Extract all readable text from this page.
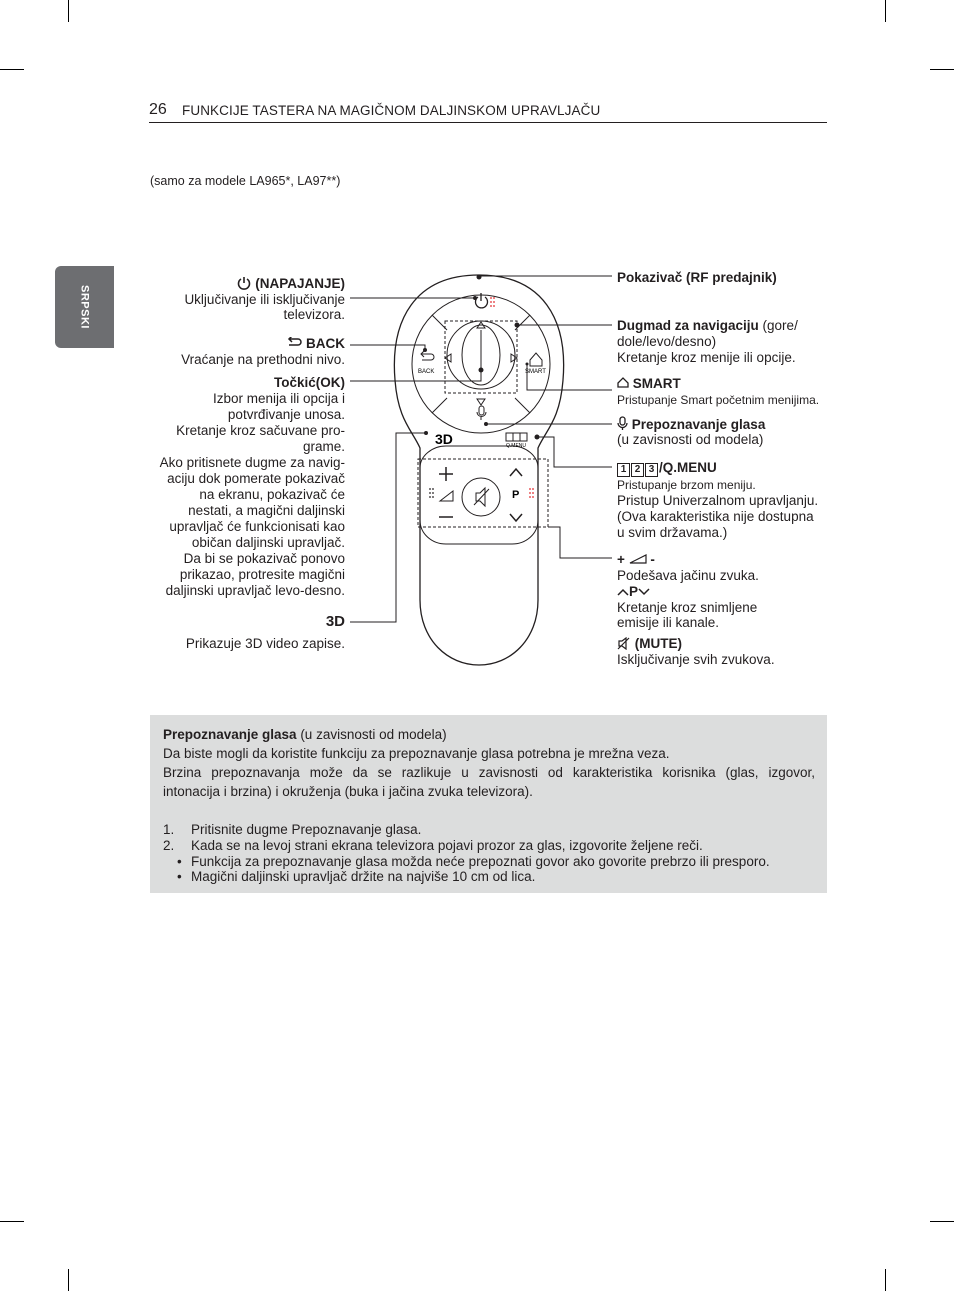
26 FUNKCIJE TASTERA NA MAGIČNOM DALJINSKOM UPRAVLJAČU
SRPSKI
(samo za modele LA965*, LA97**)
BACK	SMART
3D	Q.MENU
P
(NAPAJANJE)
Uključivanje ili isključivanje
televizora.
BACK
Vraćanje na prethodni nivo.
Točkić(OK)
Izbor menija ili opcija i
potvrđivanje unosa.
Kretanje kroz sačuvane pro-
grame.
Ako pritisnete dugme za navig-
aciju dok pomerate pokazivač
na ekranu, pokazivač će
nestati, a magični daljinski
upravljač će funkcionisati kao
običan daljinski upravljač.
Da bi se pokazivač ponovo
prikazao, protresite magični
daljinski upravljač levo-desno.
3D
Prikazuje 3D video zapise.
Pokazivač (RF predajnik)
Dugmad za navigaciju (gore/
dole/levo/desno)
Kretanje kroz menije ili opcije.
SMART
Pristupanje Smart početnim menijima.
Prepoznavanje glasa
(u zavisnosti od modela)
1 2 3 /Q.MENU
Pristupanje brzom meniju.
Pristup Univerzalnom upravljanju.
(Ova karakteristika nije dostupna
u svim državama.)
+ -
Podešava jačinu zvuka.
P
Kretanje kroz snimljene
emisije ili kanale.
(MUTE)
Isključivanje svih zvukova.
Prepoznavanje glasa (u zavisnosti od modela)
Da biste mogli da koristite funkciju za prepoznavanje glasa potrebna je mrežna veza.
Brzina prepoznavanja može da se razlikuje u zavisnosti od karakteristika korisnika (glas, izgovor,
intonacija i brzina) i okruženja (buka i jačina zvuka televizora).
1. Pritisnite dugme Prepoznavanje glasa.
2. Kada se na levoj strani ekrana televizora pojavi prozor za glas, izgovorite željene reči.
• Funkcija za prepoznavanje glasa možda neće prepoznati govor ako govorite prebrzo ili presporo.
• Magični daljinski upravljač držite na najviše 10 cm od lica.
